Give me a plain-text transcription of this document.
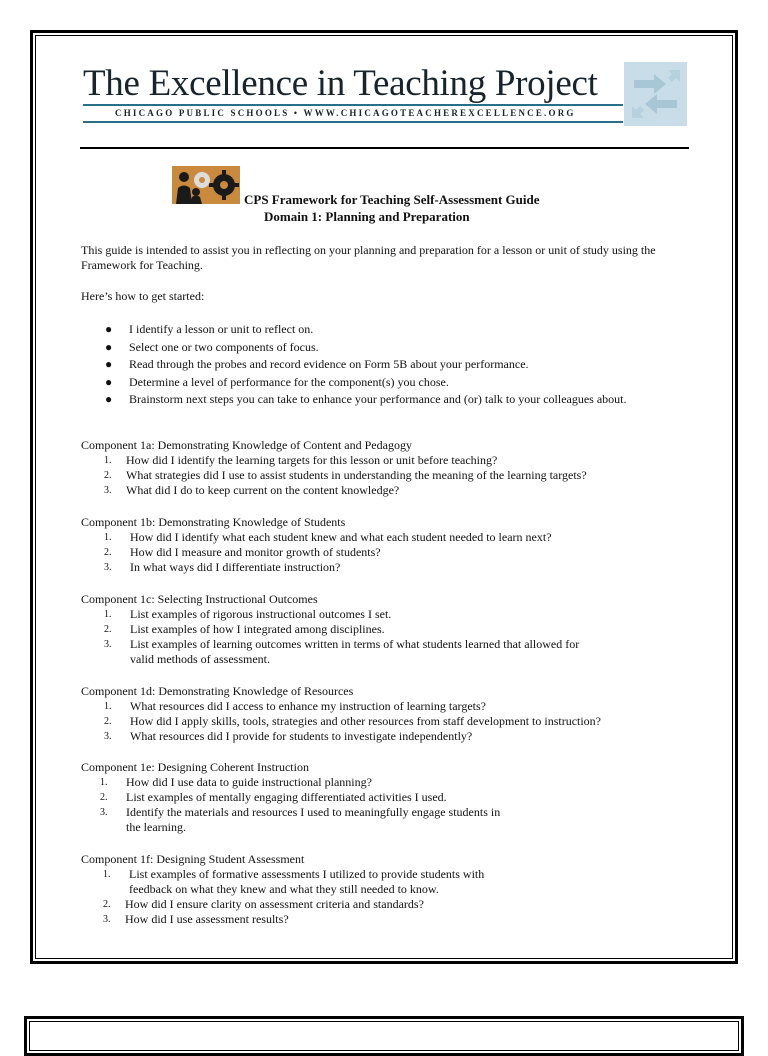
The Excellence in Teaching Project
CHICAGO PUBLIC SCHOOLS • WWW.CHICAGOTEACHEREXCELLENCE.ORG
CPS Framework for Teaching Self-Assessment Guide
Domain 1: Planning and Preparation
This guide is intended to assist you in reflecting on your planning and preparation for a lesson or unit of study using the Framework for Teaching.
Here’s how to get started:
● I identify a lesson or unit to reflect on.
● Select one or two components of focus.
● Read through the probes and record evidence on Form 5B about your performance.
● Determine a level of performance for the component(s) you chose.
● Brainstorm next steps you can take to enhance your performance and (or) talk to your colleagues about.
Component 1a: Demonstrating Knowledge of Content and Pedagogy
1. How did I identify the learning targets for this lesson or unit before teaching?
2. What strategies did I use to assist students in understanding the meaning of the learning targets?
3. What did I do to keep current on the content knowledge?
Component 1b: Demonstrating Knowledge of Students
1. How did I identify what each student knew and what each student needed to learn next?
2. How did I measure and monitor growth of students?
3. In what ways did I differentiate instruction?
Component 1c: Selecting Instructional Outcomes
1. List examples of rigorous instructional outcomes I set.
2. List examples of how I integrated among disciplines.
3. List examples of learning outcomes written in terms of what students learned that allowed for
valid methods of assessment.
Component 1d: Demonstrating Knowledge of Resources
1. What resources did I access to enhance my instruction of learning targets?
2. How did I apply skills, tools, strategies and other resources from staff development to instruction?
3. What resources did I provide for students to investigate independently?
Component 1e: Designing Coherent Instruction
1. How did I use data to guide instructional planning?
2. List examples of mentally engaging differentiated activities I used.
3. Identify the materials and resources I used to meaningfully engage students in
the learning.
Component 1f: Designing Student Assessment
1. List examples of formative assessments I utilized to provide students with
feedback on what they knew and what they still needed to know.
2. How did I ensure clarity on assessment criteria and standards?
3. How did I use assessment results?
